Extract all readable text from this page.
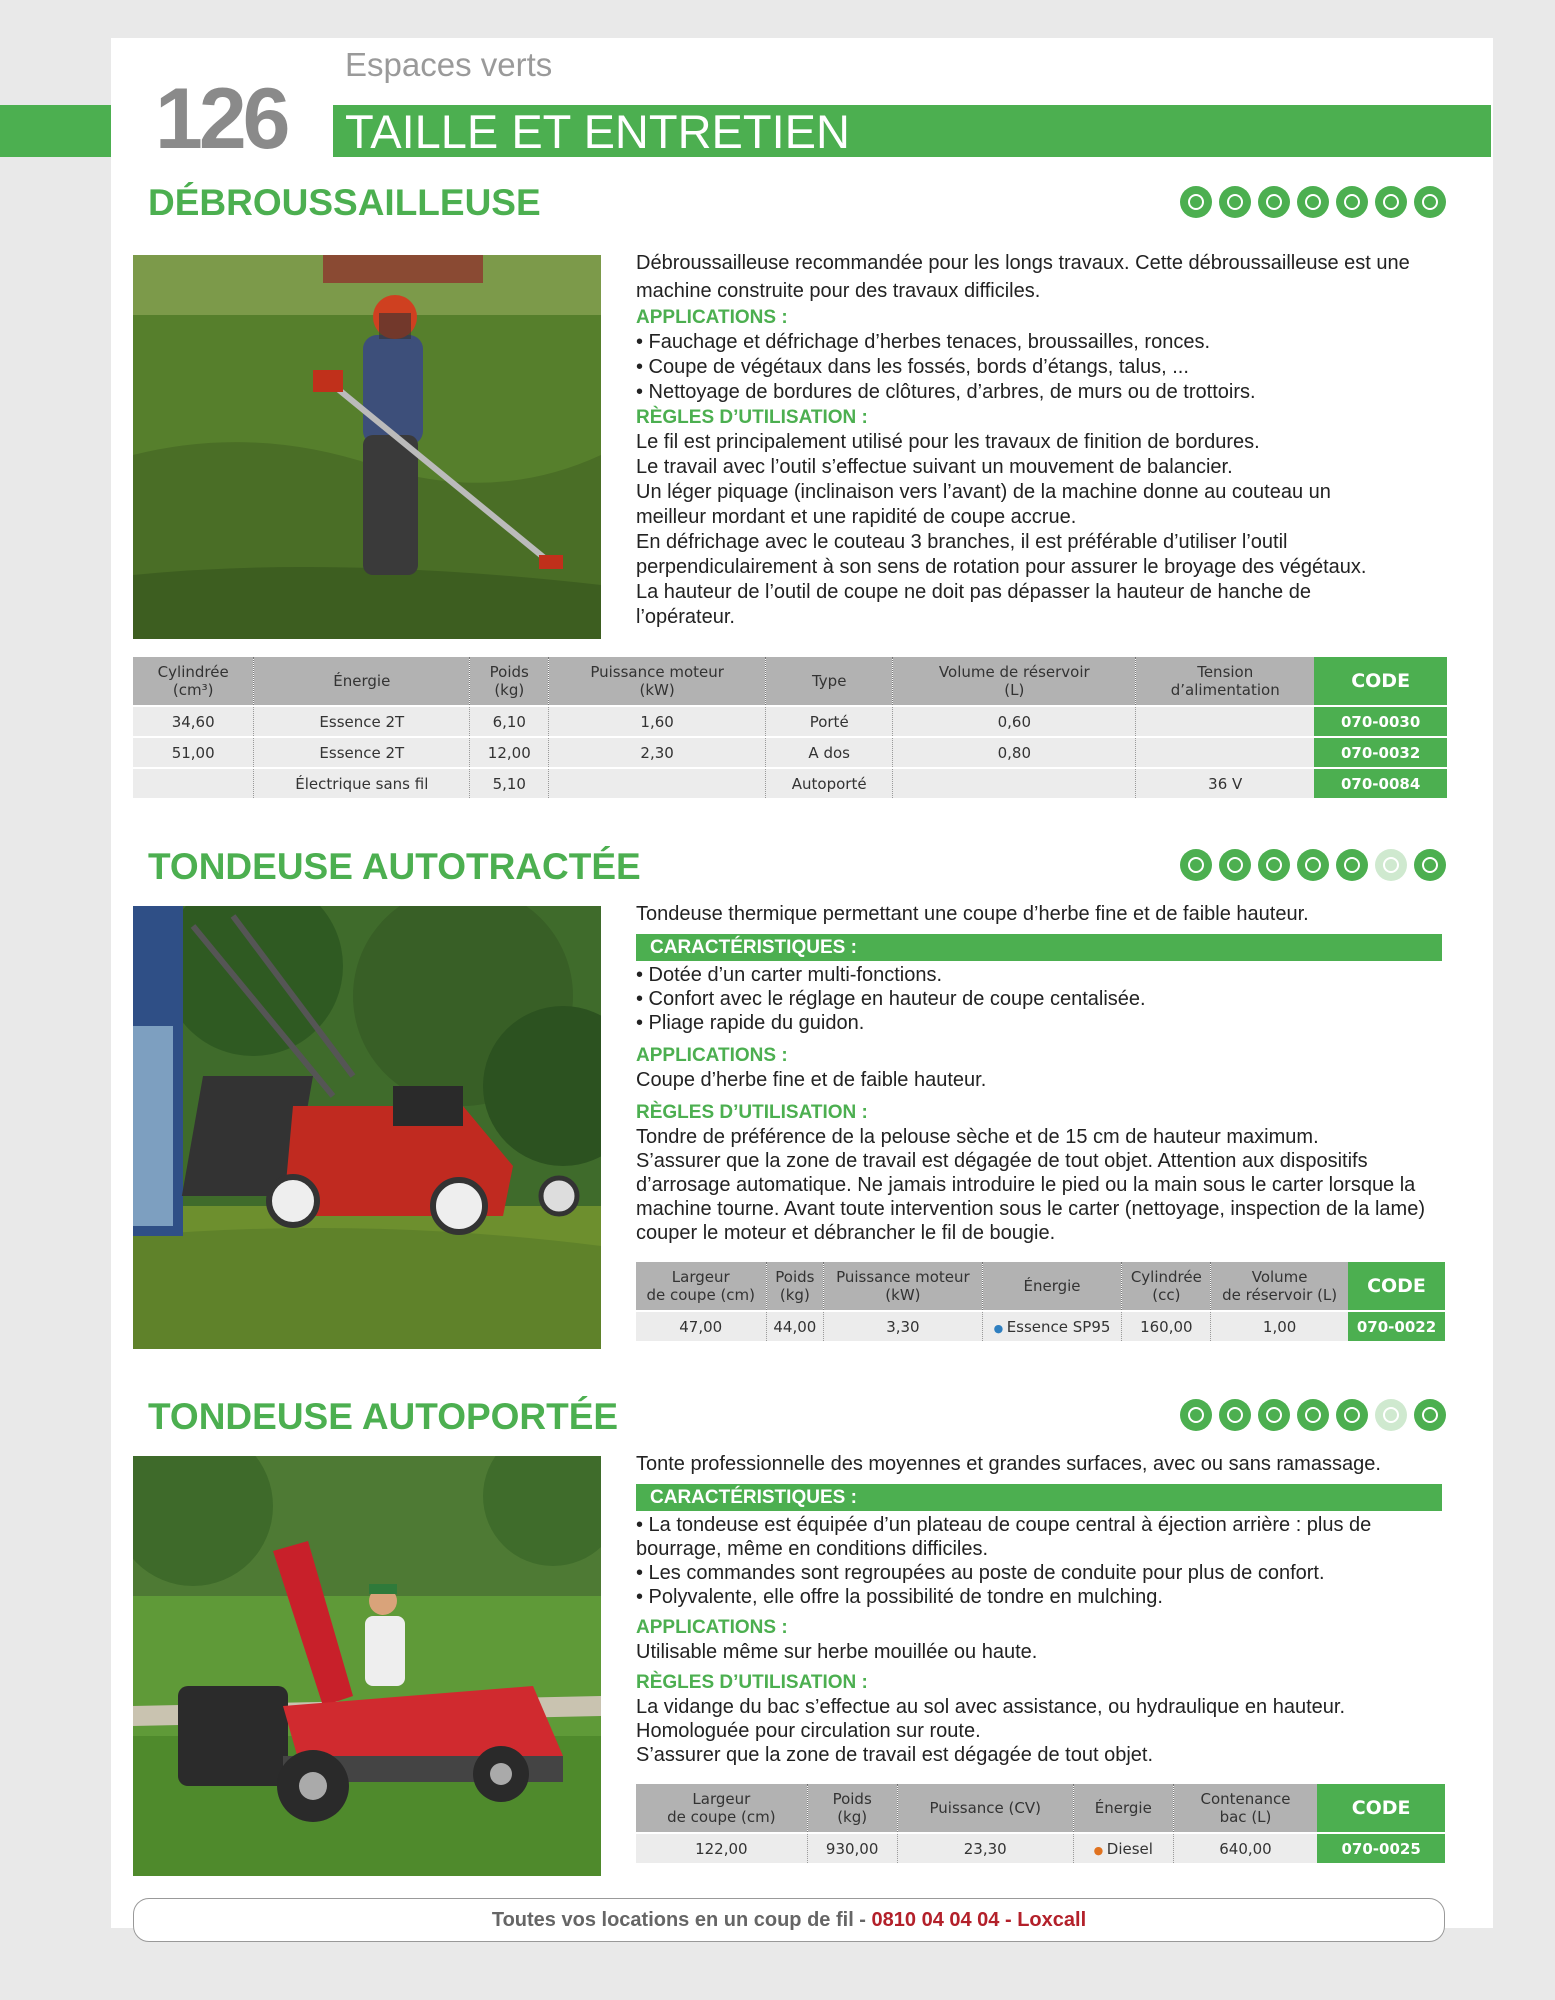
126
Espaces verts
TAILLE ET ENTRETIEN
DÉBROUSSAILLEUSE

Débroussailleuse recommandée pour les longs travaux. Cette débroussailleuse est une machine construite pour des travaux difficiles.

APPLICATIONS :

• Fauchage et défrichage d’herbes tenaces, broussailles, ronces.

• Coupe de végétaux dans les fossés, bords d’étangs, talus, ...

• Nettoyage de bordures de clôtures, d’arbres, de murs ou de trottoirs.

RÈGLES D’UTILISATION :

Le fil est principalement utilisé pour les travaux de finition de bordures.

Le travail avec l’outil s’effectue suivant un mouvement de balancier.

Un léger piquage (inclinaison vers l’avant) de la machine donne au couteau un meilleur mordant et une rapidité de coupe accrue.

En défrichage avec le couteau 3 branches, il est préférable d’utiliser l’outil perpendiculairement à son sens de rotation pour assurer le broyage des végétaux.

La hauteur de l’outil de coupe ne doit pas dépasser la hauteur de hanche de l’opérateur.

Cylindrée
(cm³)	Énergie	Poids
(kg)	Puissance moteur
(kW)	Type	Volume de réservoir
(L)	Tension
d’alimentation	CODE
34,60	Essence 2T	6,10	1,60	Porté	0,60		070-0030
51,00	Essence 2T	12,00	2,30	A dos	0,80		070-0032
	Électrique sans fil	5,10		Autoporté		36 V	070-0084
TONDEUSE AUTOTRACTÉE

Tondeuse thermique permettant une coupe d’herbe fine et de faible hauteur.

CARACTÉRISTIQUES :

• Dotée d’un carter multi-fonctions.

• Confort avec le réglage en hauteur de coupe centalisée.

• Pliage rapide du guidon.

APPLICATIONS :

Coupe d’herbe fine et de faible hauteur.

RÈGLES D’UTILISATION :

Tondre de préférence de la pelouse sèche et de 15 cm de hauteur maximum.

S’assurer que la zone de travail est dégagée de tout objet. Attention aux dispositifs d’arrosage automatique. Ne jamais introduire le pied ou la main sous le carter lorsque la machine tourne. Avant toute intervention sous le carter (nettoyage, inspection de la lame) couper le moteur et débrancher le fil de bougie.

Largeur
de coupe (cm)	Poids
(kg)	Puissance moteur
(kW)	Énergie	Cylindrée
(cc)	Volume
de réservoir (L)	CODE
47,00	44,00	3,30	● Essence SP95	160,00	1,00	070-0022
TONDEUSE AUTOPORTÉE

Tonte professionnelle des moyennes et grandes surfaces, avec ou sans ramassage.

CARACTÉRISTIQUES :

• La tondeuse est équipée d’un plateau de coupe central à éjection arrière : plus de bourrage, même en conditions difficiles.

• Les commandes sont regroupées au poste de conduite pour plus de confort.

• Polyvalente, elle offre la possibilité de tondre en mulching.

APPLICATIONS :

Utilisable même sur herbe mouillée ou haute.

RÈGLES D’UTILISATION :

La vidange du bac s’effectue au sol avec assistance, ou hydraulique en hauteur.

Homologuée pour circulation sur route.

S’assurer que la zone de travail est dégagée de tout objet.

Largeur
de coupe (cm)	Poids
(kg)	Puissance (CV)	Énergie	Contenance
bac (L)	CODE
122,00	930,00	23,30	● Diesel	640,00	070-0025
Toutes vos locations en un coup de fil - 0810 04 04 04 - Loxcall
